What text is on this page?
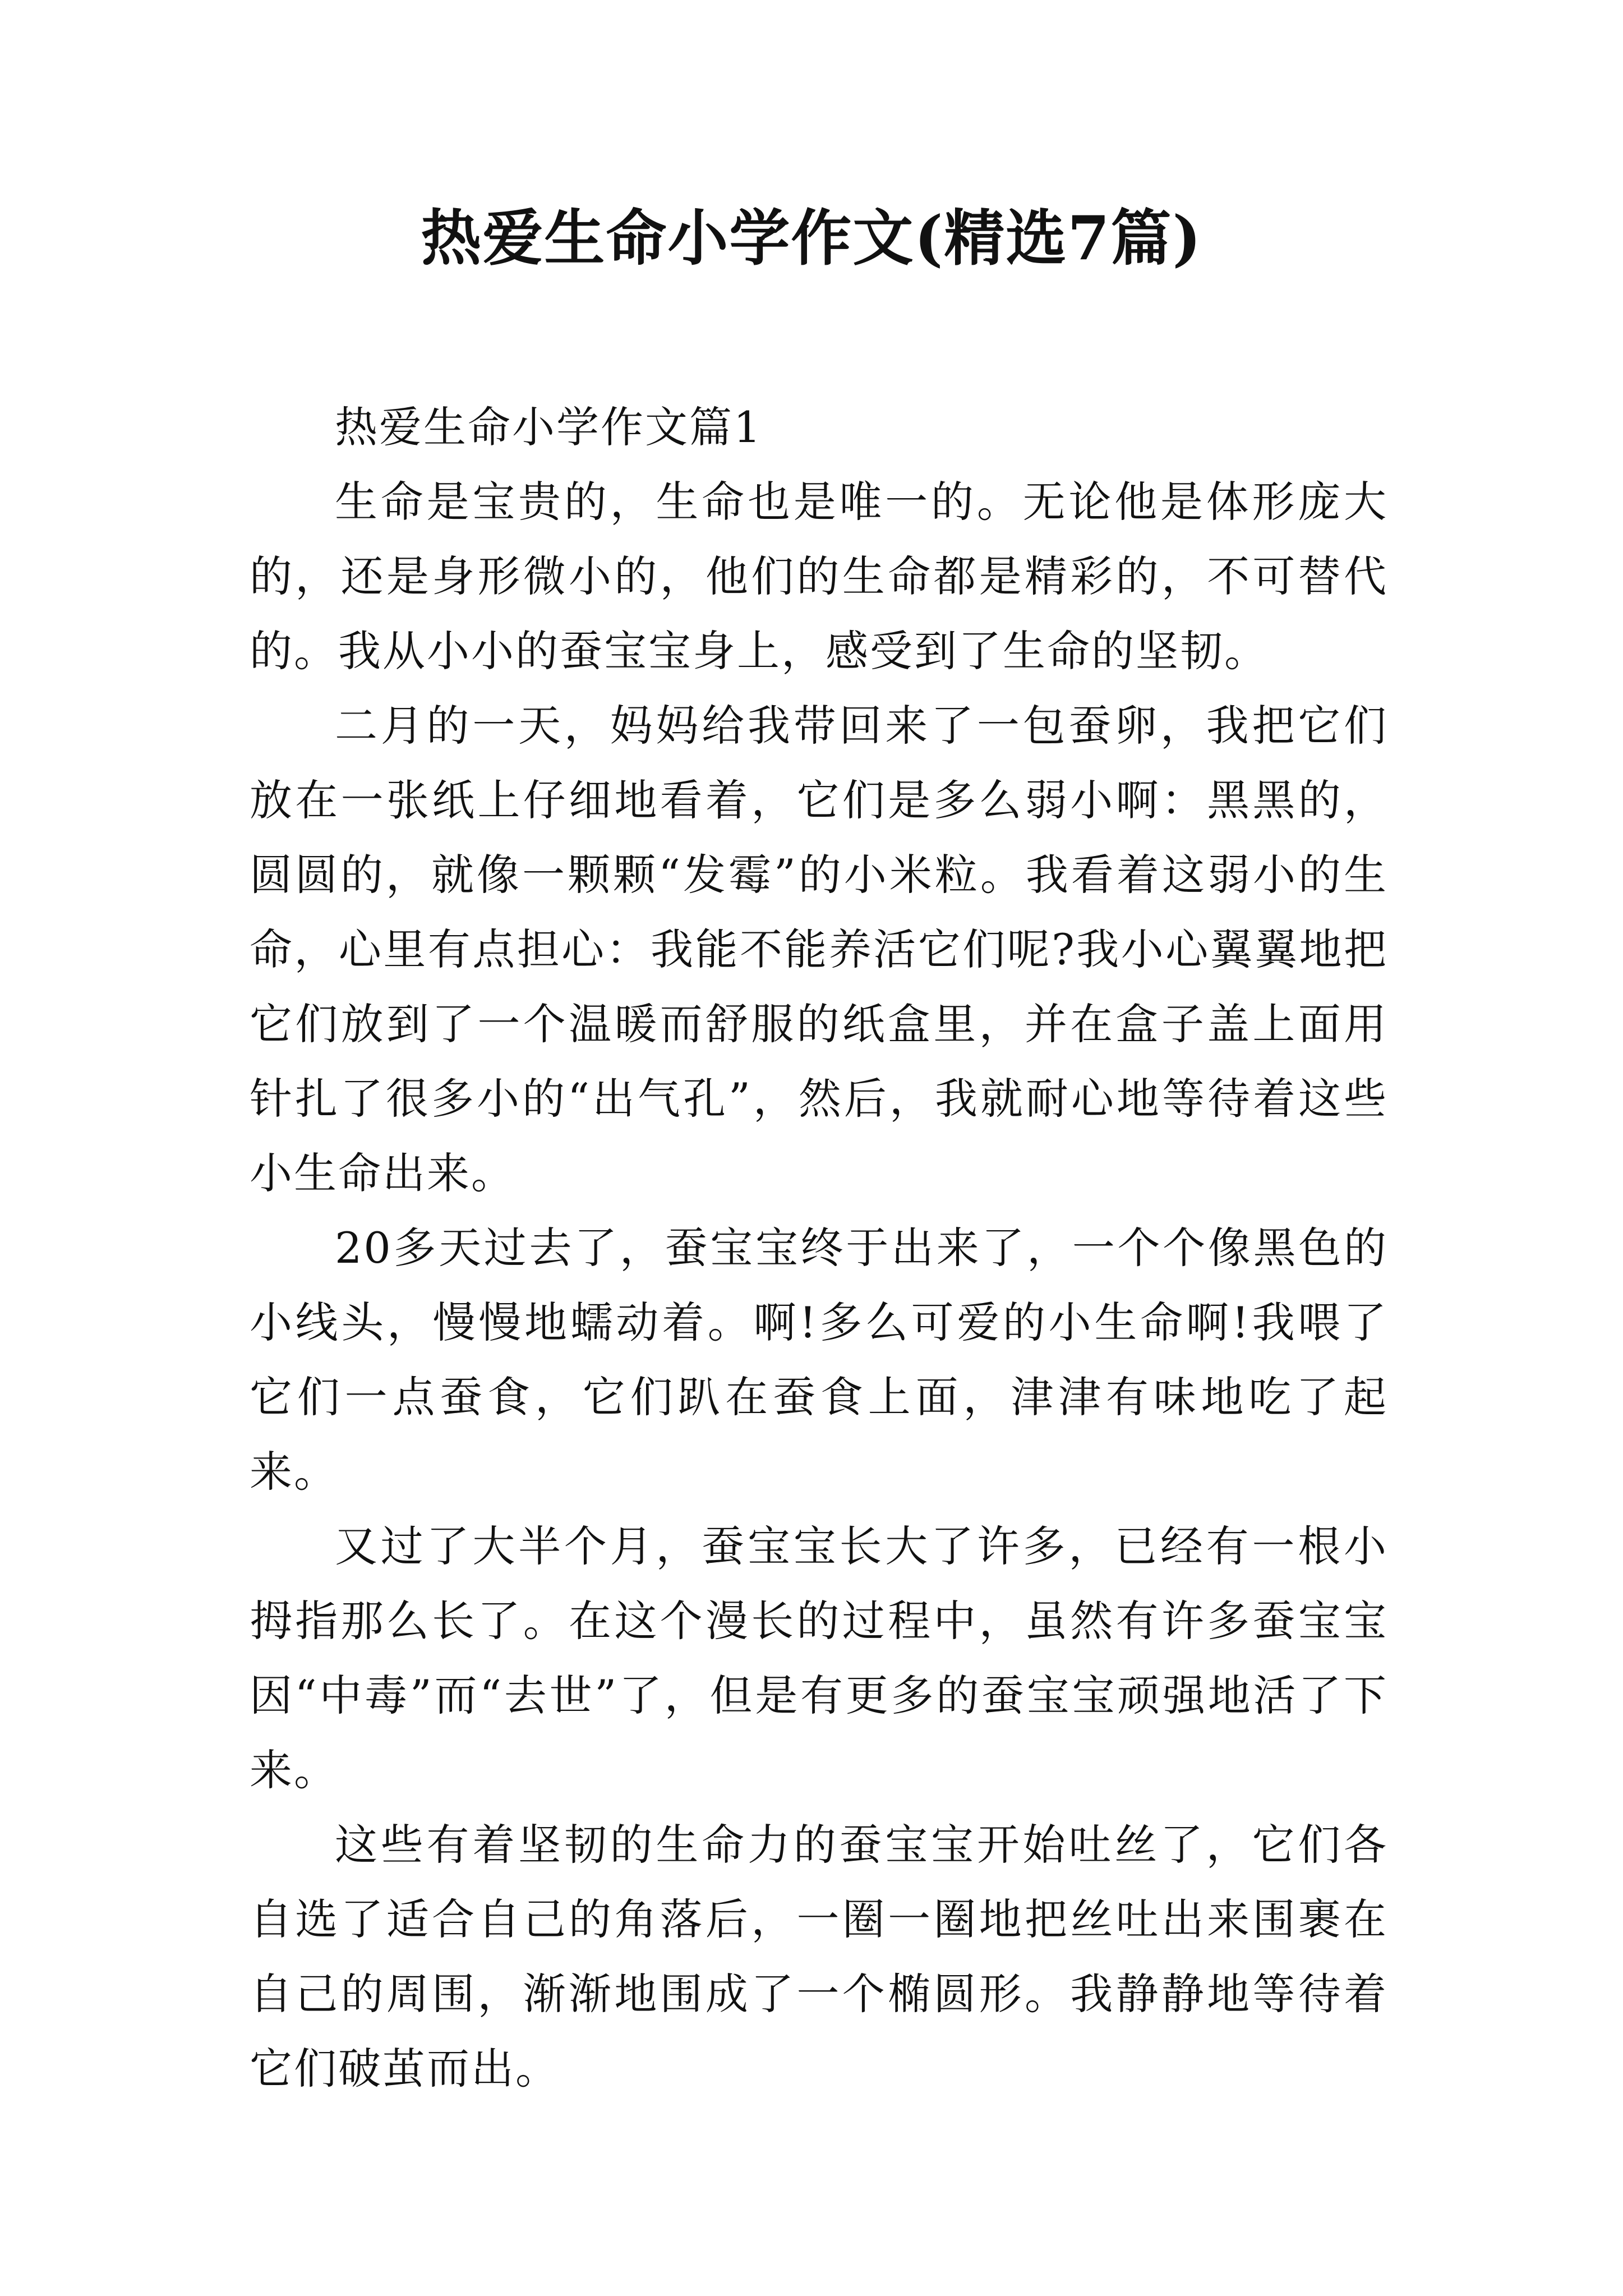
热爱生命小学作文(精选7篇)

热爱生命小学作文篇1

生命是宝贵的，生命也是唯一的。无论他是体形庞大的，还是身形微小的，他们的生命都是精彩的，不可替代的。我从小小的蚕宝宝身上，感受到了生命的坚韧。

二月的一天，妈妈给我带回来了一包蚕卵，我把它们放在一张纸上仔细地看着，它们是多么弱小啊：黑黑的，圆圆的，就像一颗颗“发霉”的小米粒。我看着这弱小的生命，心里有点担心：我能不能养活它们呢?我小心翼翼地把它们放到了一个温暖而舒服的纸盒里，并在盒子盖上面用针扎了很多小的“出气孔”，然后，我就耐心地等待着这些小生命出来。

20多天过去了，蚕宝宝终于出来了，一个个像黑色的小线头，慢慢地蠕动着。啊!多么可爱的小生命啊!我喂了它们一点蚕食，它们趴在蚕食上面，津津有味地吃了起来。

又过了大半个月，蚕宝宝长大了许多，已经有一根小拇指那么长了。在这个漫长的过程中，虽然有许多蚕宝宝因“中毒”而“去世”了，但是有更多的蚕宝宝顽强地活了下来。

这些有着坚韧的生命力的蚕宝宝开始吐丝了，它们各自选了适合自己的角落后，一圈一圈地把丝吐出来围裹在自己的周围，渐渐地围成了一个椭圆形。我静静地等待着它们破茧而出。
